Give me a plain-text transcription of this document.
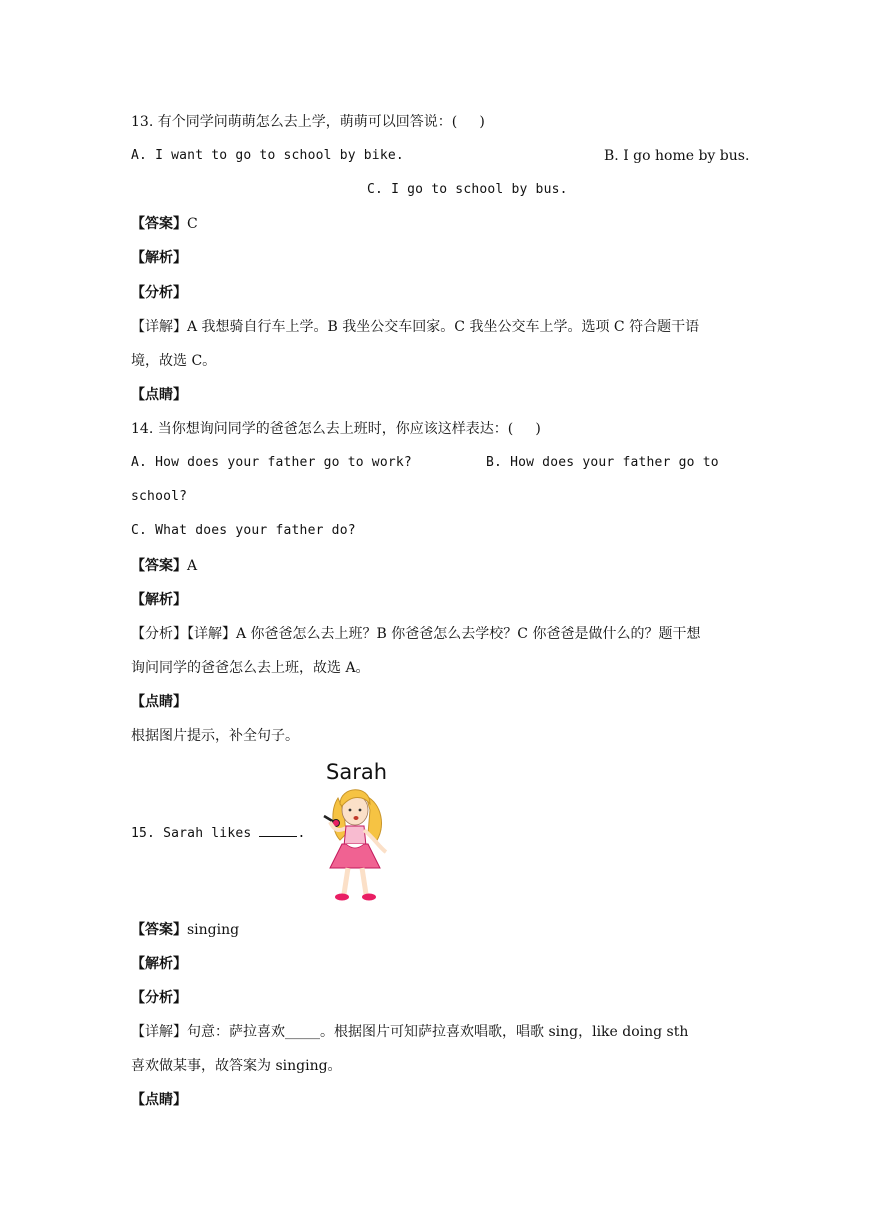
13. 有个同学问萌萌怎么去上学，萌萌可以回答说：(     )
A. I want to go to school by bike.	B. I go home by bus.
C. I go to school by bus.
【答案】C
【解析】
【分析】
【详解】A 我想骑自行车上学。B 我坐公交车回家。C 我坐公交车上学。选项 C 符合题干语
境，故选 C。
【点睛】
14. 当你想询问同学的爸爸怎么去上班时，你应该这样表达：(     )
A. How does your father go to work?	B. How does your father go to
school?
C. What does your father do?
【答案】A
【解析】
【分析】【详解】A 你爸爸怎么去上班？B 你爸爸怎么去学校？C 你爸爸是做什么的？题干想
询问同学的爸爸怎么去上班，故选 A。
【点睛】
根据图片提示，补全句子。
15. Sarah likes	.
Sarah
【答案】singing
【解析】
【分析】
【详解】句意：萨拉喜欢_____。根据图片可知萨拉喜欢唱歌，唱歌 sing，like doing sth
喜欢做某事，故答案为 singing。
【点睛】
